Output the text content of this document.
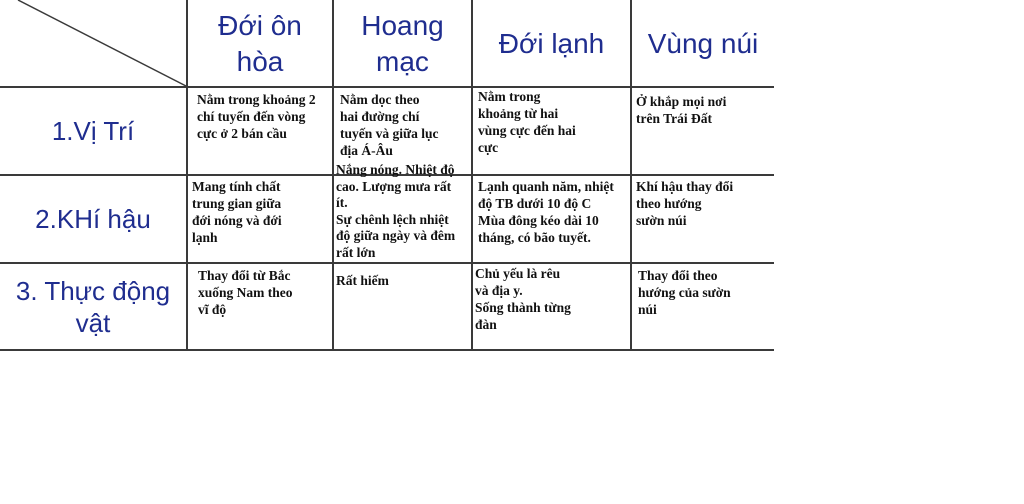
Đới ôn
hòa
Hoang
mạc
Đới lạnh	Vùng núi
1.Vị Trí
2.KHí hậu
3. Thực động
vật
Nằm trong khoảng 2
chí tuyến đến vòng
cực ở 2 bán cầu
Nằm dọc theo
hai đường chí
tuyến và giữa lục
địa Á-Âu
Nằm trong
khoảng từ hai
vùng cực đến hai
cực
Ở khắp mọi nơi
trên Trái Đất
Mang tính chất
trung gian giữa
đới nóng và đới
lạnh
Nắng nóng. Nhiệt độ
cao. Lượng mưa rất
ít.
Sự chênh lệch nhiệt
độ giữa ngày và đêm
rất lớn
Lạnh quanh năm, nhiệt
độ TB dưới 10 độ C
Mùa đông kéo dài 10
tháng, có bão tuyết.
Khí hậu thay đổi
theo hướng
sườn núi
Thay đổi từ Bắc
xuống Nam theo
vĩ độ
Rất hiếm	Chủ yếu là rêu
và địa y.
Sống thành từng
đàn
Thay đổi theo
hướng của sườn
núi
